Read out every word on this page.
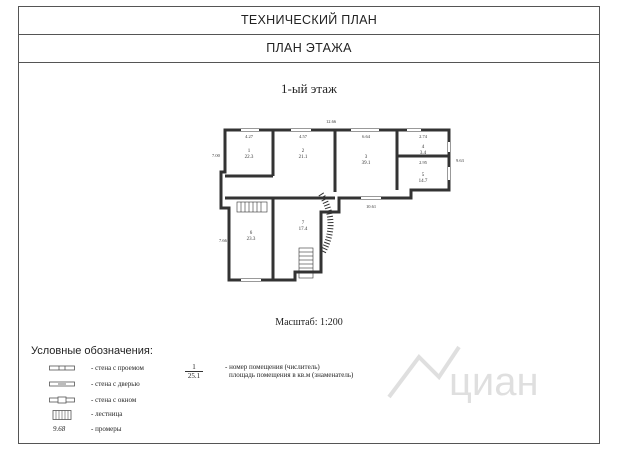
ТЕХНИЧЕСКИЙ ПЛАН
ПЛАН ЭТАЖА
1-ый этаж
12.66
10.61
9.63
7.00
7.66
4.27	4.57	6.64	2.74
2.95
1
22.3
2
21.1	3
39.1
4
3.4
5
14.7
6
23.3
7
17.4
Масштаб: 1:200
Условные обозначения:
- стена с проемом
- стена с дверью
- стена с окном
- лестница
9.68	- промеры
$\frac{1}{25.1}$	- номер помещения (числитель)
площадь помещения в кв.м (знаменатель) циан
